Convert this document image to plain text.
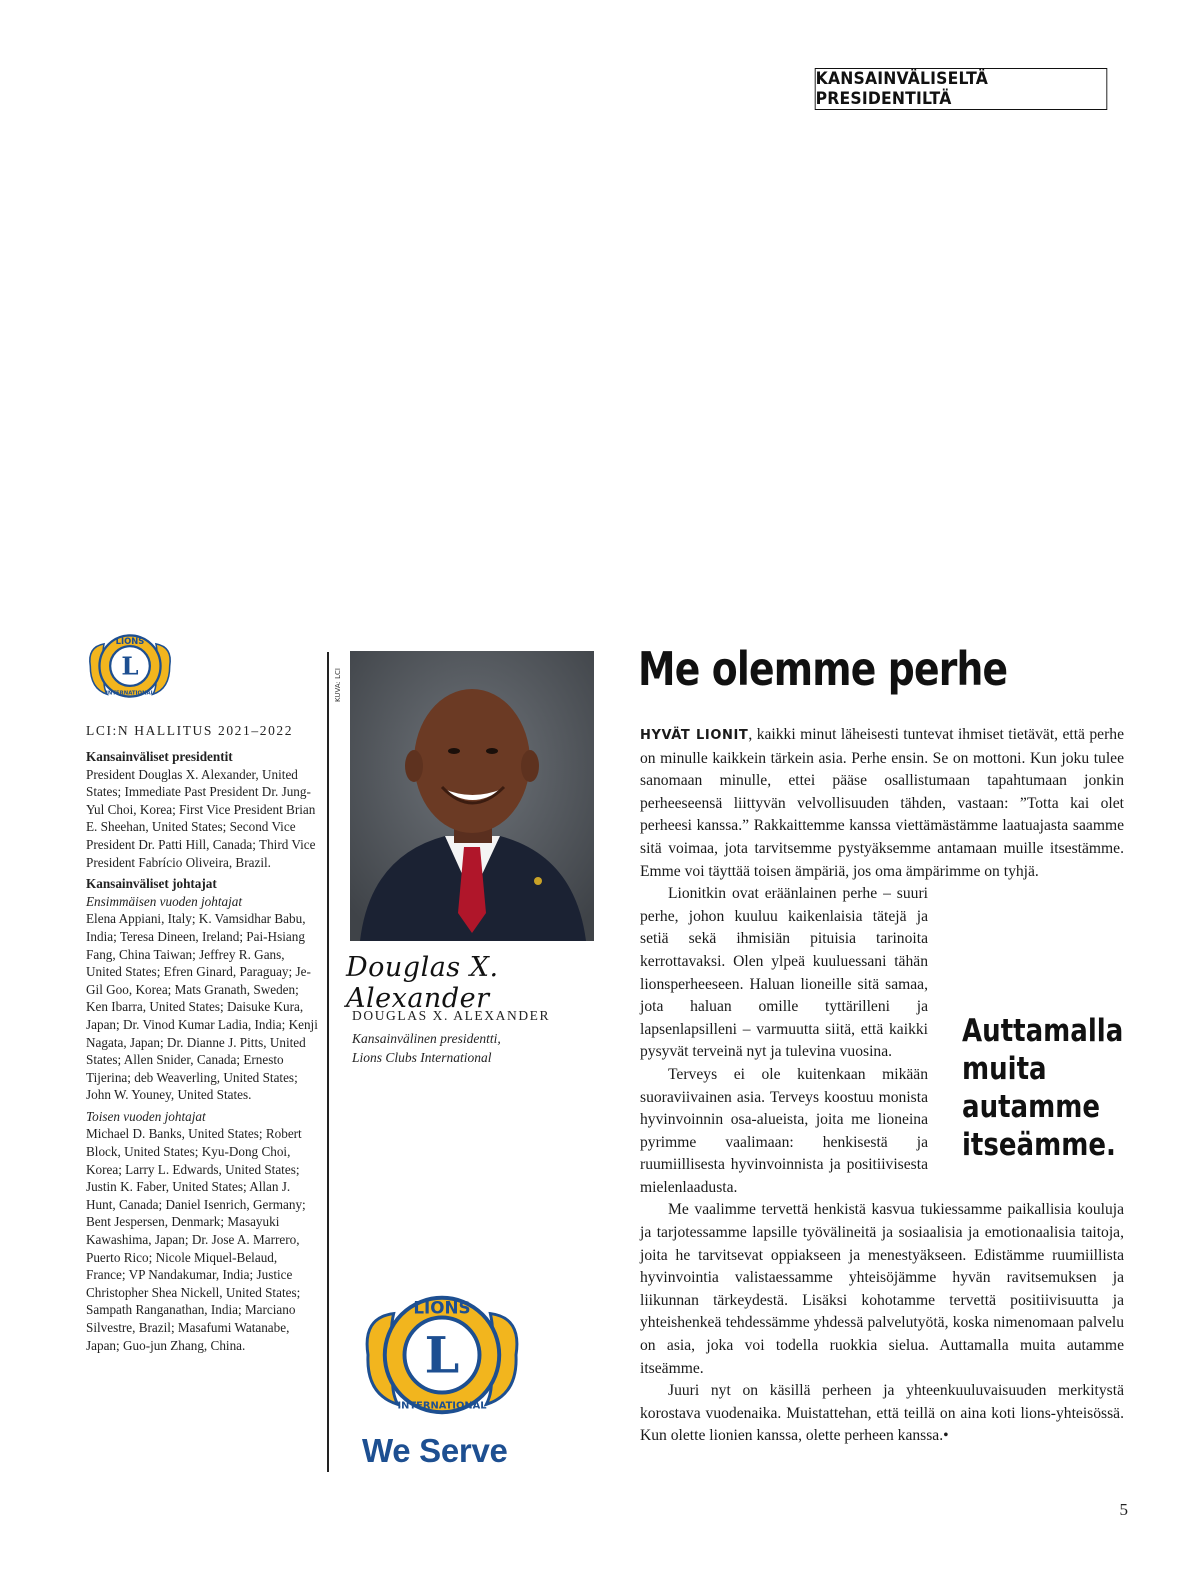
KANSAINVÄLISELTÄ PRESIDENTILTÄ
L
LIONS
INTERNATIONAL
LCI:N HALLITUS 2021–2022

Kansainväliset presidentit

President Douglas X. Alexander, United States; Immediate Past President Dr. Jung-Yul Choi, Korea; First Vice President Brian E. Sheehan, United States; Second Vice President Dr. Patti Hill, Canada; Third Vice President Fabrício Oliveira, Brazil.

Kansainväliset johtajat

Ensimmäisen vuoden johtajat

Elena Appiani, Italy; K. Vamsidhar Babu, India; Teresa Dineen, Ireland; Pai-Hsiang Fang, China Taiwan; Jeffrey R. Gans, United States; Efren Ginard, Paraguay; Je-Gil Goo, Korea; Mats Granath, Sweden; Ken Ibarra, United States; Daisuke Kura, Japan; Dr. Vinod Kumar Ladia, India; Kenji Nagata, Japan; Dr. Dianne J. Pitts, United States; Allen Snider, Canada; Ernesto Tijerina; deb Weaverling, United States; John W. Youney, United States.

Toisen vuoden johtajat

Michael D. Banks, United States; Robert Block, United States; Kyu-Dong Choi, Korea; Larry L. Edwards, United States; Justin K. Faber, United States; Allan J. Hunt, Canada; Daniel Isenrich, Germany; Bent Jespersen, Denmark; Masayuki Kawashima, Japan; Dr. Jose A. Marrero, Puerto Rico; Nicole Miquel-Belaud, France; VP Nandakumar, India; Justice Christopher Shea Nickell, United States; Sampath Ranganathan, India; Marciano Silvestre, Brazil; Masafumi Watanabe, Japan; Guo-jun Zhang, China.

KUVA: LCI
Douglas X. Alexander
DOUGLAS X. ALEXANDER
Kansainvälinen presidentti,
Lions Clubs International
L
LIONS
INTERNATIONAL
We Serve
Me olemme perhe
Auttamalla muita autamme itseämme.

HYVÄT LIONIT, kaikki minut läheisesti tuntevat ihmiset tietävät, että perhe on minulle kaikkein tärkein asia. Perhe ensin. Se on mottoni. Kun joku tulee sanomaan minulle, ettei pääse osallistumaan tapahtumaan jonkin perheeseensä liittyvän velvollisuuden tähden, vastaan: ”Totta kai olet perheesi kanssa.” Rakkaittemme kanssa viettämästämme laatuajasta saamme sitä voimaa, jota tarvitsemme pystyäksemme antamaan muille itsestämme. Emme voi täyttää toisen ämpäriä, jos oma ämpärimme on tyhjä.

Lionitkin ovat eräänlainen perhe – suuri perhe, johon kuuluu kaikenlaisia tätejä ja setiä sekä ihmisiän pituisia tarinoita kerrottavaksi. Olen ylpeä kuuluessani tähän lionsperheeseen. Haluan lioneille sitä samaa, jota haluan omille tyttärilleni ja lapsenlapsilleni – varmuutta siitä, että kaikki pysyvät terveinä nyt ja tulevina vuosina.

Terveys ei ole kuitenkaan mikään suoraviivainen asia. Terveys koostuu monista hyvinvoinnin osa-alueista, joita me lioneina pyrimme vaalimaan: henkisestä ja ruumiillisesta hyvinvoinnista ja positiivisesta mielenlaadusta.

Me vaalimme tervettä henkistä kasvua tukiessamme paikallisia kouluja ja tarjotessamme lapsille työvälineitä ja sosiaalisia ja emotionaalisia taitoja, joita he tarvitsevat oppiakseen ja menestyäkseen. Edistämme ruumiillista hyvinvointia valistaessamme yhteisöjämme hyvän ravitsemuksen ja liikunnan tärkeydestä. Lisäksi kohotamme tervettä positiivisuutta ja yhteishenkeä tehdessämme yhdessä palvelutyötä, koska nimenomaan palvelu on asia, joka voi todella ruokkia sielua. Auttamalla muita autamme itseämme.

Juuri nyt on käsillä perheen ja yhteenkuuluvaisuuden merkitystä korostava vuodenaika. Muistattehan, että teillä on aina koti lions-yhteisössä. Kun olette lionien kanssa, olette perheen kanssa.•

5
